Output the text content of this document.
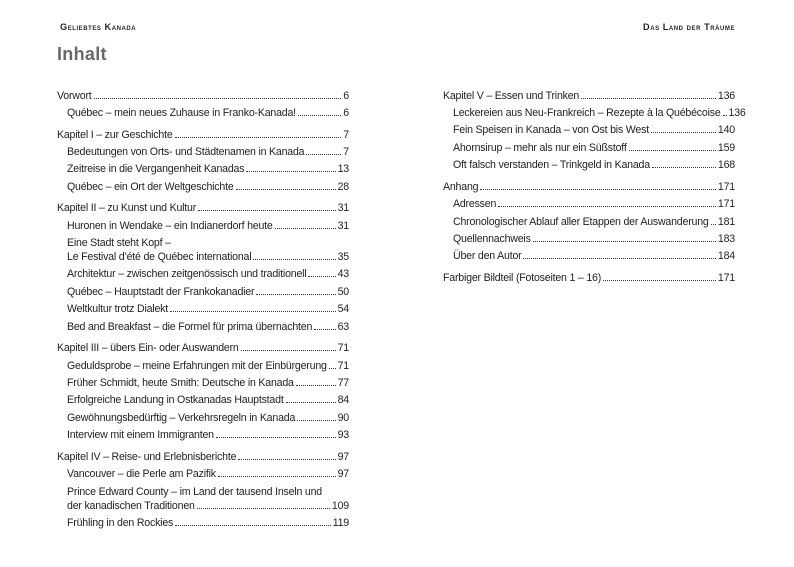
Geliebtes Kanada	Das Land der Träume
Inhalt
Vorwort	6
Québec – mein neues Zuhause in Franko-Kanada!	6
Kapitel I – zur Geschichte	7
Bedeutungen von Orts- und Städtenamen in Kanada	7
Zeitreise in die Vergangenheit Kanadas	13
Québec – ein Ort der Weltgeschichte	28
Kapitel II – zu Kunst und Kultur	31
Huronen in Wendake – ein Indianerdorf heute	31
Eine Stadt steht Kopf –
Le Festival d’été de Québec international	35
Architektur – zwischen zeitgenössisch und traditionell	43
Québec – Hauptstadt der Frankokanadier	50
Weltkultur trotz Dialekt	54
Bed and Breakfast – die Formel für prima übernachten 63
Kapitel III – übers Ein- oder Auswandern	71
Geduldsprobe – meine Erfahrungen mit der Einbürgerung 71
Früher Schmidt, heute Smith: Deutsche in Kanada	77
Erfolgreiche Landung in Ostkanadas Hauptstadt	84
Gewöhnungsbedürftig – Verkehrsregeln in Kanada	90
Interview mit einem Immigranten	93
Kapitel IV – Reise- und Erlebnisberichte	97
Vancouver – die Perle am Pazifik	97
Prince Edward County – im Land der tausend Inseln und
der kanadischen Traditionen	109
Frühling in den Rockies	119
Kapitel V – Essen und Trinken	136
Leckereien aus Neu-Frankreich – Rezepte à la Québécoise 136
Fein Speisen in Kanada – von Ost bis West	140
Ahornsirup – mehr als nur ein Süßstoff	159
Oft falsch verstanden – Trinkgeld in Kanada	168
Anhang	171
Adressen	171
Chronologischer Ablauf aller Etappen der Auswanderung 181
Quellennachweis	183
Über den Autor	184
Farbiger Bildteil (Fotoseiten 1 – 16)	171
